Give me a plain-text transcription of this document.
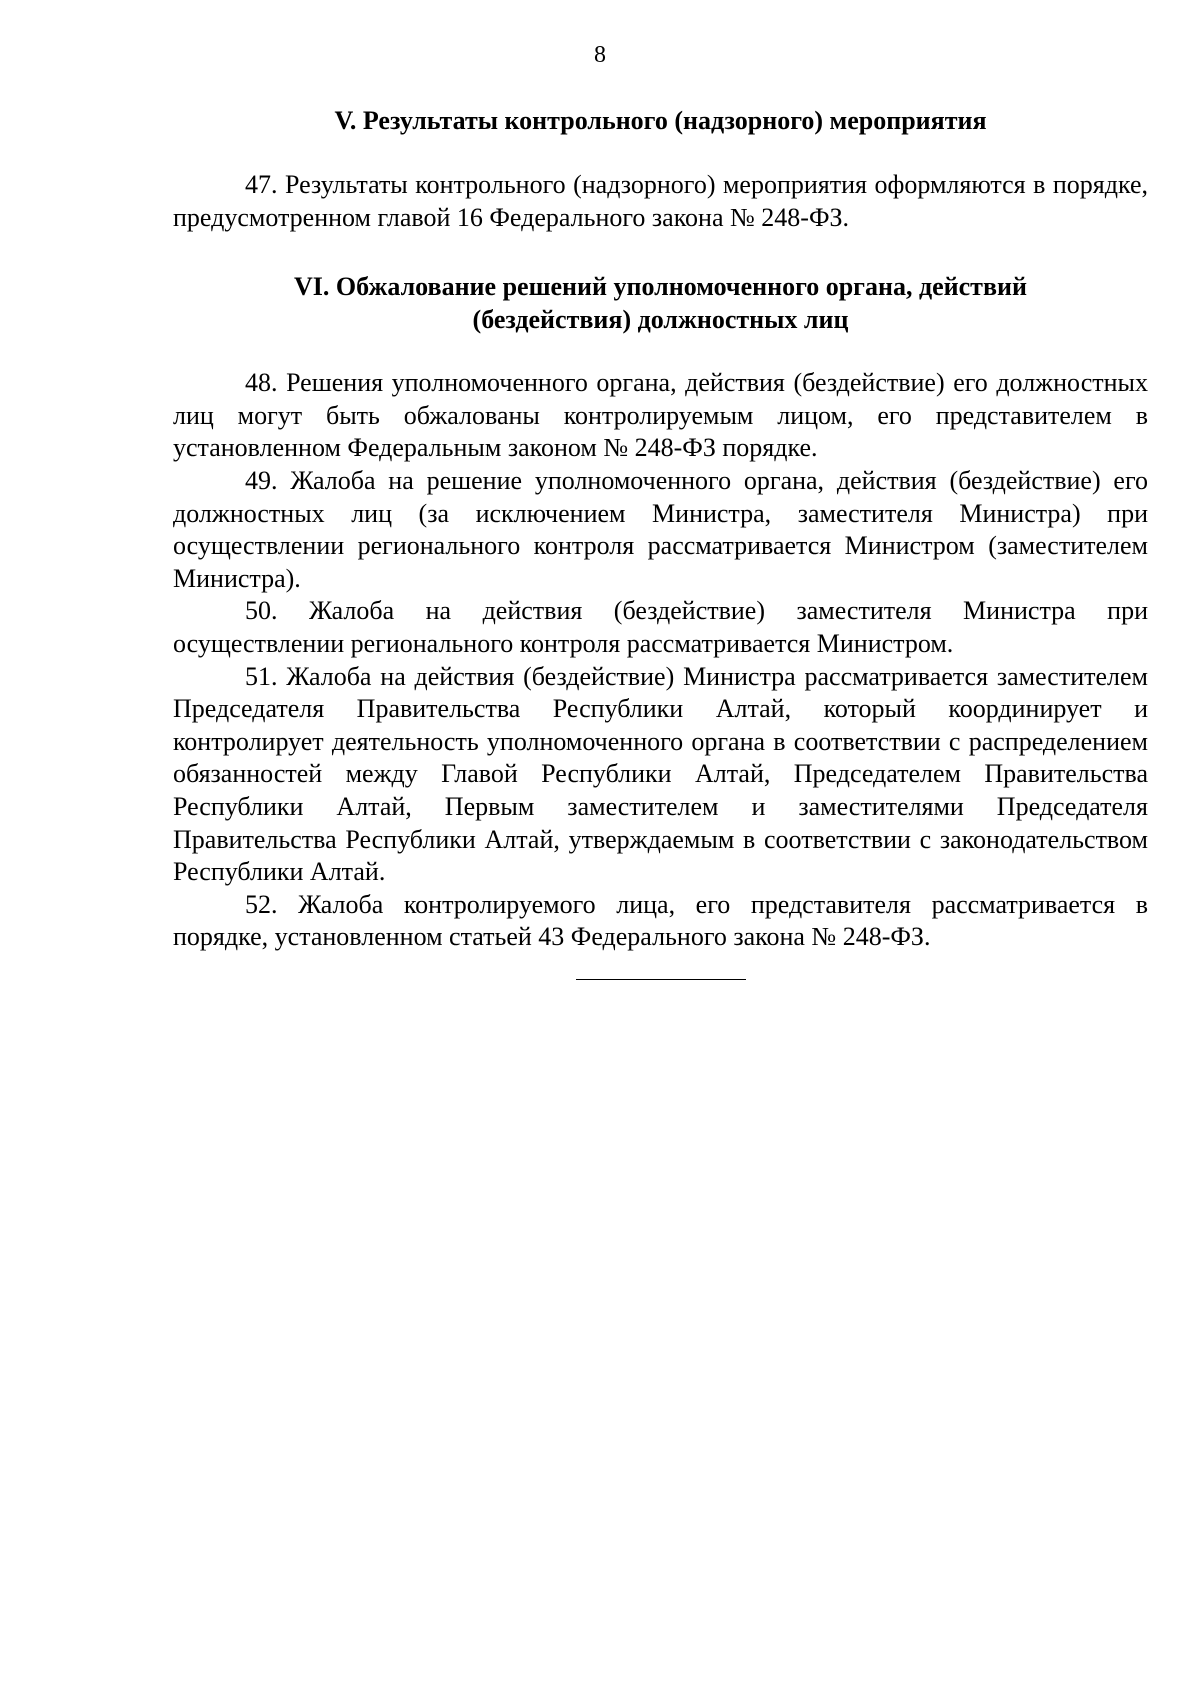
8
V. Результаты контрольного (надзорного) мероприятия

47. Результаты контрольного (надзорного) мероприятия оформляются в порядке, предусмотренном главой 16 Федерального закона № 248-ФЗ.

VI. Обжалование решений уполномоченного органа, действий
(бездействия) должностных лиц

48. Решения уполномоченного органа, действия (бездействие) его должностных лиц могут быть обжалованы контролируемым лицом, его представителем в установленном Федеральным законом № 248-ФЗ порядке.

49. Жалоба на решение уполномоченного органа, действия (бездействие) его должностных лиц (за исключением Министра, заместителя Министра) при осуществлении регионального контроля рассматривается Министром (заместителем Министра).

50. Жалоба на действия (бездействие) заместителя Министра при осуществлении регионального контроля рассматривается Министром.

51. Жалоба на действия (бездействие) Министра рассматривается заместителем Председателя Правительства Республики Алтай, который координирует и контролирует деятельность уполномоченного органа в соответствии с распределением обязанностей между Главой Республики Алтай, Председателем Правительства Республики Алтай, Первым заместителем и заместителями Председателя Правительства Республики Алтай, утверждаемым в соответствии с законодательством Республики Алтай.

52. Жалоба контролируемого лица, его представителя рассматривается в порядке, установленном статьей 43 Федерального закона № 248-ФЗ.
